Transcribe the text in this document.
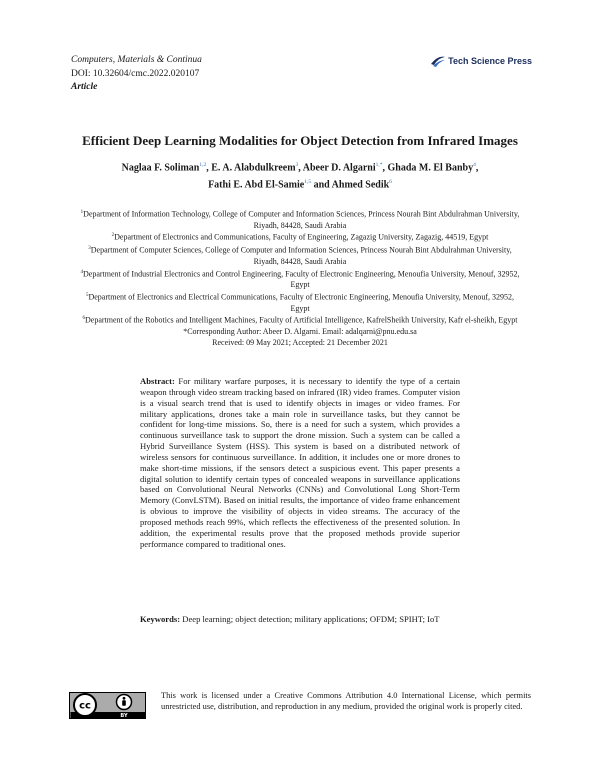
Computers, Materials & Continua
DOI: 10.32604/cmc.2022.020107
Article
Tech Science Press
Efficient Deep Learning Modalities for Object Detection from Infrared Images
Naglaa F. Soliman$^{1,2}$, E. A. Alabdulkreem$^3$, Abeer D. Algarni$^{1,*}$, Ghada M. El Banby$^4$,
Fathi E. Abd El-Samie$^{1,5}$ and Ahmed Sedik$^6$

$^1$Department of Information Technology, College of Computer and Information Sciences, Princess Nourah Bint Abdulrahman University, Riyadh, 84428, Saudi Arabia

$^2$Department of Electronics and Communications, Faculty of Engineering, Zagazig University, Zagazig, 44519, Egypt

$^3$Department of Computer Sciences, College of Computer and Information Sciences, Princess Nourah Bint Abdulrahman University, Riyadh, 84428, Saudi Arabia

$^4$Department of Industrial Electronics and Control Engineering, Faculty of Electronic Engineering, Menoufia University, Menouf, 32952, Egypt

$^5$Department of Electronics and Electrical Communications, Faculty of Electronic Engineering, Menoufia University, Menouf, 32952, Egypt

$^6$Department of the Robotics and Intelligent Machines, Faculty of Artificial Intelligence, KafrelSheikh University, Kafr el-sheikh, Egypt

*Corresponding Author: Abeer D. Algarni. Email: adalqarni@pnu.edu.sa

Received: 09 May 2021; Accepted: 21 December 2021

Abstract: For military warfare purposes, it is necessary to identify the type of a certain weapon through video stream tracking based on infrared (IR) video frames. Computer vision is a visual search trend that is used to identify objects in images or video frames. For military applications, drones take a main role in surveillance tasks, but they cannot be confident for long-time missions. So, there is a need for such a system, which provides a continuous surveillance task to support the drone mission. Such a system can be called a Hybrid Surveillance System (HSS). This system is based on a distributed network of wireless sensors for continuous surveillance. In addition, it includes one or more drones to make short-time missions, if the sensors detect a suspicious event. This paper presents a digital solution to identify certain types of concealed weapons in surveillance applications based on Convolutional Neural Networks (CNNs) and Convolutional Long Short-Term Memory (ConvLSTM). Based on initial results, the importance of video frame enhancement is obvious to improve the visibility of objects in video streams. The accuracy of the proposed methods reach 99%, which reflects the effectiveness of the presented solution. In addition, the experimental results prove that the proposed methods provide superior performance compared to traditional ones.

Keywords: Deep learning; object detection; military applications; OFDM; SPIHT; IoT

cc
BY

This work is licensed under a Creative Commons Attribution 4.0 International License, which permits unrestricted use, distribution, and reproduction in any medium, provided the original work is properly cited.
